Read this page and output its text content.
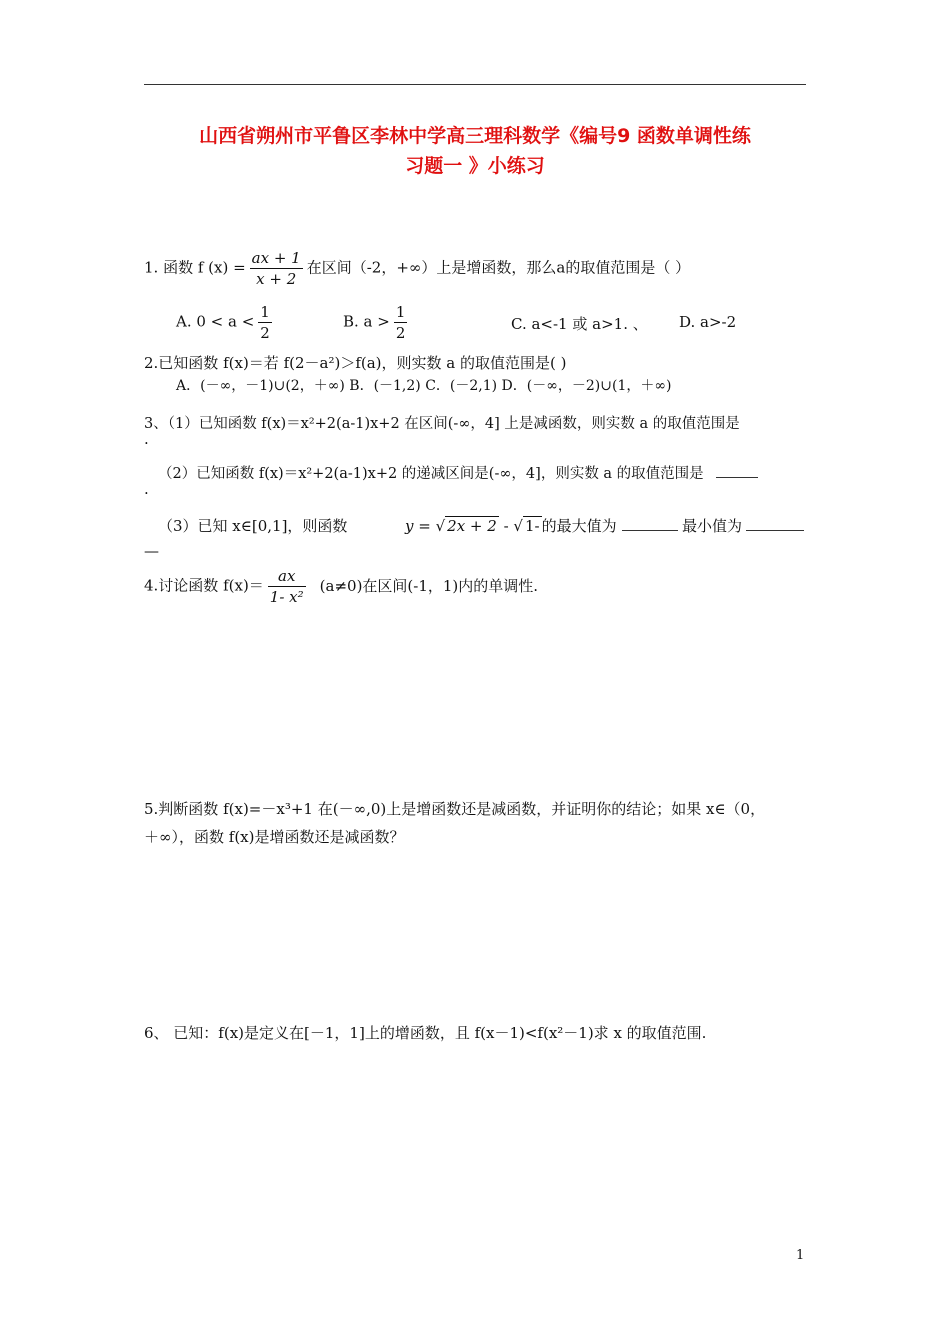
山西省朔州市平鲁区李林中学高三理科数学《编号9 函数单调性练
习题一 》小练习
1. 函数 f $(x) = \frac{ax + 1}{x + 2}$ 在区间（-2，+∞）上是增函数，那么a的取值范围是（ ）
A. $0 < a < \frac{1}{2}$	B. $a > \frac{1}{2}$	C. a<-1 或 a>1. 、 D. a>-2
2.已知函数 f(x)＝若 f(2－a²)＞f(a)，则实数 a 的取值范围是( )
A．(－∞，－1)∪(2，＋∞) B．(－1,2) C．(－2,1) D．(－∞，－2)∪(1，＋∞)
3、（1）已知函数 f(x)＝x²+2(a-1)x+2 在区间(-∞，4] 上是减函数，则实数 a 的取值范围是
.
（2）已知函数 f(x)＝x²+2(a-1)x+2 的递减区间是(-∞，4]，则实数 a 的取值范围是
.
（3）已知 x∈[0,1]，则函数	y = √ 2x + 2 - √ 1- 的最大值为	最小值为
—
4.讨论函数 $f(x)= \frac{ax}{\text{1- x²}} (a\ne 0)$在区间(-1，1)内的单调性.
5.判断函数 f(x)=－x³+1 在(－∞,0)上是增函数还是减函数，并证明你的结论；如果 x∈（0，
＋∞），函数 f(x)是增函数还是减函数？
6、 已知：f(x)是定义在[－1，1]上的增函数，且 f(x－1)<f(x²－1)求 x 的取值范围.
1
